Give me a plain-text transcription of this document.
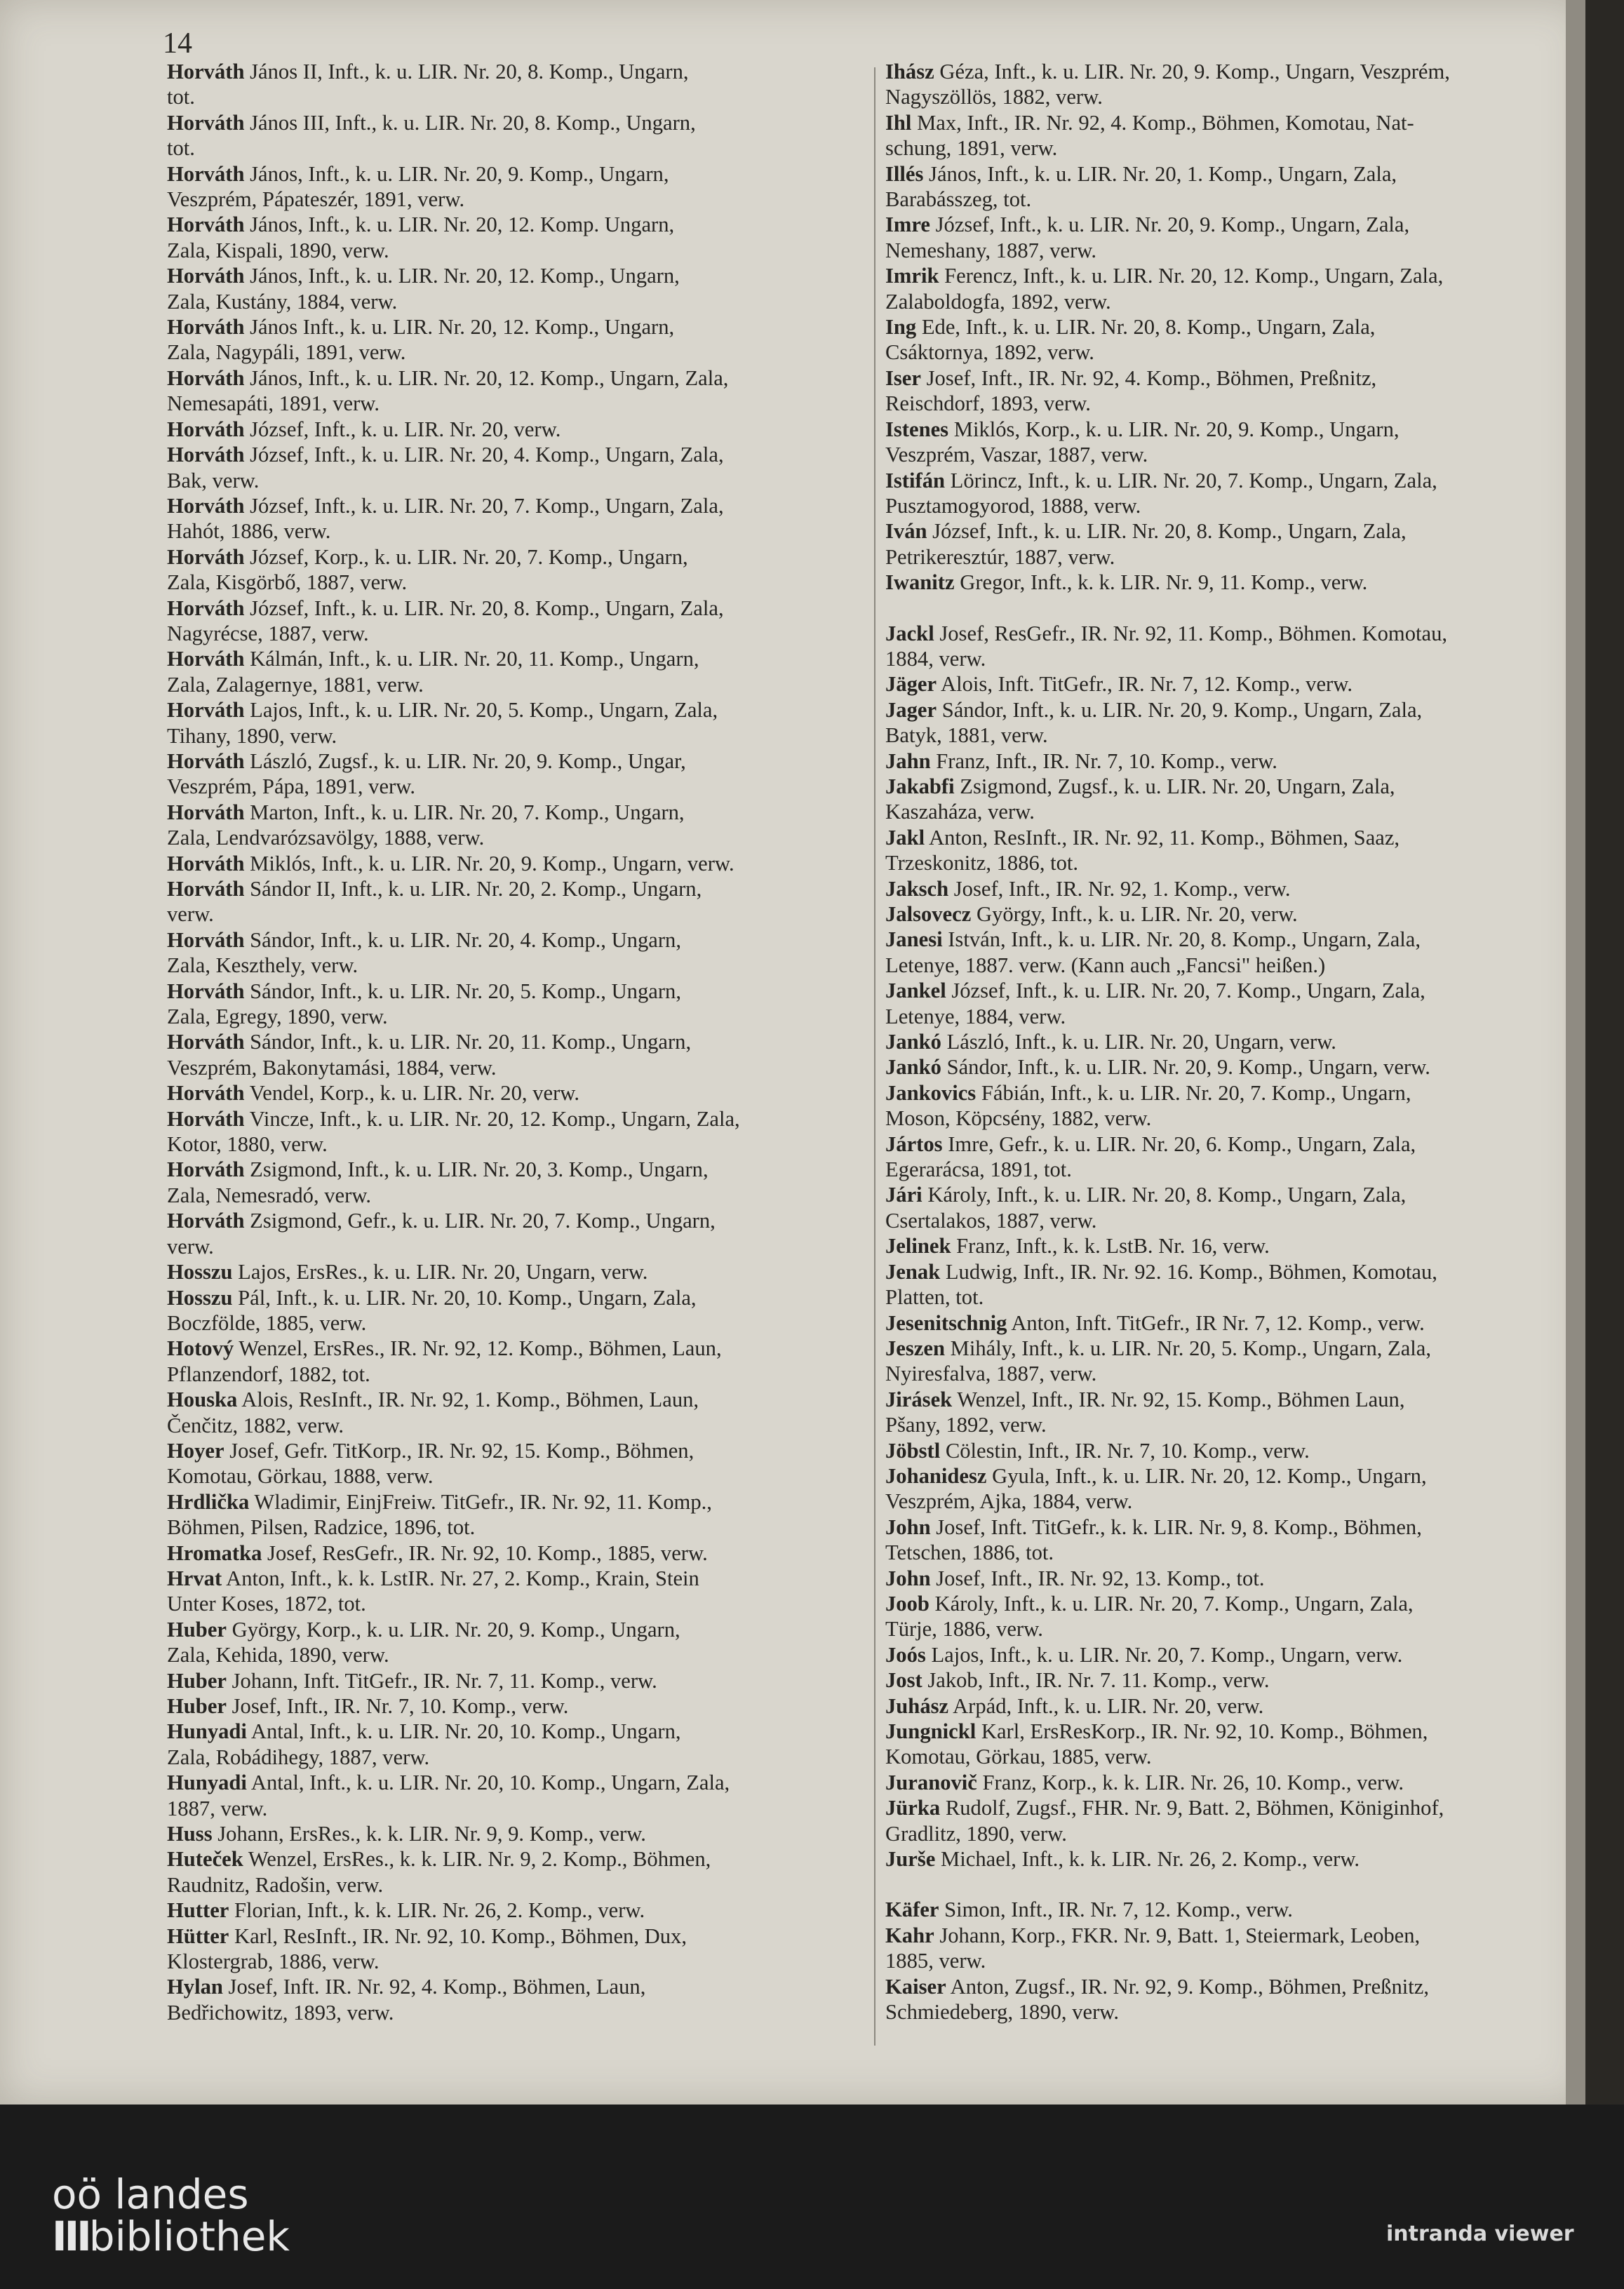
14
Horváth János II, Inft., k. u. LIR. Nr. 20, 8. Komp., Ungarn,
tot.
Horváth János III, Inft., k. u. LIR. Nr. 20, 8. Komp., Ungarn,
tot.
Horváth János, Inft., k. u. LIR. Nr. 20, 9. Komp., Ungarn,
Veszprém, Pápateszér, 1891, verw.
Horváth János, Inft., k. u. LIR. Nr. 20, 12. Komp. Ungarn,
Zala, Kispali, 1890, verw.
Horváth János, Inft., k. u. LIR. Nr. 20, 12. Komp., Ungarn,
Zala, Kustány, 1884, verw.
Horváth János Inft., k. u. LIR. Nr. 20, 12. Komp., Ungarn,
Zala, Nagypáli, 1891, verw.
Horváth János, Inft., k. u. LIR. Nr. 20, 12. Komp., Ungarn, Zala,
Nemesapáti, 1891, verw.
Horváth József, Inft., k. u. LIR. Nr. 20, verw.
Horváth József, Inft., k. u. LIR. Nr. 20, 4. Komp., Ungarn, Zala,
Bak, verw.
Horváth József, Inft., k. u. LIR. Nr. 20, 7. Komp., Ungarn, Zala,
Hahót, 1886, verw.
Horváth József, Korp., k. u. LIR. Nr. 20, 7. Komp., Ungarn,
Zala, Kisgörbő, 1887, verw.
Horváth József, Inft., k. u. LIR. Nr. 20, 8. Komp., Ungarn, Zala,
Nagyrécse, 1887, verw.
Horváth Kálmán, Inft., k. u. LIR. Nr. 20, 11. Komp., Ungarn,
Zala, Zalagernye, 1881, verw.
Horváth Lajos, Inft., k. u. LIR. Nr. 20, 5. Komp., Ungarn, Zala,
Tihany, 1890, verw.
Horváth László, Zugsf., k. u. LIR. Nr. 20, 9. Komp., Ungar,
Veszprém, Pápa, 1891, verw.
Horváth Marton, Inft., k. u. LIR. Nr. 20, 7. Komp., Ungarn,
Zala, Lendvarózsavölgy, 1888, verw.
Horváth Miklós, Inft., k. u. LIR. Nr. 20, 9. Komp., Ungarn, verw.
Horváth Sándor II, Inft., k. u. LIR. Nr. 20, 2. Komp., Ungarn,
verw.
Horváth Sándor, Inft., k. u. LIR. Nr. 20, 4. Komp., Ungarn,
Zala, Keszthely, verw.
Horváth Sándor, Inft., k. u. LIR. Nr. 20, 5. Komp., Ungarn,
Zala, Egregy, 1890, verw.
Horváth Sándor, Inft., k. u. LIR. Nr. 20, 11. Komp., Ungarn,
Veszprém, Bakonytamási, 1884, verw.
Horváth Vendel, Korp., k. u. LIR. Nr. 20, verw.
Horváth Vincze, Inft., k. u. LIR. Nr. 20, 12. Komp., Ungarn, Zala,
Kotor, 1880, verw.
Horváth Zsigmond, Inft., k. u. LIR. Nr. 20, 3. Komp., Ungarn,
Zala, Nemesradó, verw.
Horváth Zsigmond, Gefr., k. u. LIR. Nr. 20, 7. Komp., Ungarn,
verw.
Hosszu Lajos, ErsRes., k. u. LIR. Nr. 20, Ungarn, verw.
Hosszu Pál, Inft., k. u. LIR. Nr. 20, 10. Komp., Ungarn, Zala,
Boczfölde, 1885, verw.
Hotový Wenzel, ErsRes., IR. Nr. 92, 12. Komp., Böhmen, Laun,
Pflanzendorf, 1882, tot.
Houska Alois, ResInft., IR. Nr. 92, 1. Komp., Böhmen, Laun,
Čenčitz, 1882, verw.
Hoyer Josef, Gefr. TitKorp., IR. Nr. 92, 15. Komp., Böhmen,
Komotau, Görkau, 1888, verw.
Hrdlička Wladimir, EinjFreiw. TitGefr., IR. Nr. 92, 11. Komp.,
Böhmen, Pilsen, Radzice, 1896, tot.
Hromatka Josef, ResGefr., IR. Nr. 92, 10. Komp., 1885, verw.
Hrvat Anton, Inft., k. k. LstIR. Nr. 27, 2. Komp., Krain, Stein
Unter Koses, 1872, tot.
Huber György, Korp., k. u. LIR. Nr. 20, 9. Komp., Ungarn,
Zala, Kehida, 1890, verw.
Huber Johann, Inft. TitGefr., IR. Nr. 7, 11. Komp., verw.
Huber Josef, Inft., IR. Nr. 7, 10. Komp., verw.
Hunyadi Antal, Inft., k. u. LIR. Nr. 20, 10. Komp., Ungarn,
Zala, Robádihegy, 1887, verw.
Hunyadi Antal, Inft., k. u. LIR. Nr. 20, 10. Komp., Ungarn, Zala,
1887, verw.
Huss Johann, ErsRes., k. k. LIR. Nr. 9, 9. Komp., verw.
Huteček Wenzel, ErsRes., k. k. LIR. Nr. 9, 2. Komp., Böhmen,
Raudnitz, Radošin, verw.
Hutter Florian, Inft., k. k. LIR. Nr. 26, 2. Komp., verw.
Hütter Karl, ResInft., IR. Nr. 92, 10. Komp., Böhmen, Dux,
Klostergrab, 1886, verw.
Hylan Josef, Inft. IR. Nr. 92, 4. Komp., Böhmen, Laun,
Bedřichowitz, 1893, verw.
Ihász Géza, Inft., k. u. LIR. Nr. 20, 9. Komp., Ungarn, Veszprém,
Nagyszöllös, 1882, verw.
Ihl Max, Inft., IR. Nr. 92, 4. Komp., Böhmen, Komotau, Nat-
schung, 1891, verw.
Illés János, Inft., k. u. LIR. Nr. 20, 1. Komp., Ungarn, Zala,
Barabásszeg, tot.
Imre József, Inft., k. u. LIR. Nr. 20, 9. Komp., Ungarn, Zala,
Nemeshany, 1887, verw.
Imrik Ferencz, Inft., k. u. LIR. Nr. 20, 12. Komp., Ungarn, Zala,
Zalaboldogfa, 1892, verw.
Ing Ede, Inft., k. u. LIR. Nr. 20, 8. Komp., Ungarn, Zala,
Csáktornya, 1892, verw.
Iser Josef, Inft., IR. Nr. 92, 4. Komp., Böhmen, Preßnitz,
Reischdorf, 1893, verw.
Istenes Miklós, Korp., k. u. LIR. Nr. 20, 9. Komp., Ungarn,
Veszprém, Vaszar, 1887, verw.
Istifán Lörincz, Inft., k. u. LIR. Nr. 20, 7. Komp., Ungarn, Zala,
Pusztamogyorod, 1888, verw.
Iván József, Inft., k. u. LIR. Nr. 20, 8. Komp., Ungarn, Zala,
Petrikeresztúr, 1887, verw.
Iwanitz Gregor, Inft., k. k. LIR. Nr. 9, 11. Komp., verw.
Jackl Josef, ResGefr., IR. Nr. 92, 11. Komp., Böhmen. Komotau,
1884, verw.
Jäger Alois, Inft. TitGefr., IR. Nr. 7, 12. Komp., verw.
Jager Sándor, Inft., k. u. LIR. Nr. 20, 9. Komp., Ungarn, Zala,
Batyk, 1881, verw.
Jahn Franz, Inft., IR. Nr. 7, 10. Komp., verw.
Jakabfi Zsigmond, Zugsf., k. u. LIR. Nr. 20, Ungarn, Zala,
Kaszaháza, verw.
Jakl Anton, ResInft., IR. Nr. 92, 11. Komp., Böhmen, Saaz,
Trzeskonitz, 1886, tot.
Jaksch Josef, Inft., IR. Nr. 92, 1. Komp., verw.
Jalsovecz György, Inft., k. u. LIR. Nr. 20, verw.
Janesi István, Inft., k. u. LIR. Nr. 20, 8. Komp., Ungarn, Zala,
Letenye, 1887. verw. (Kann auch „Fancsi" heißen.)
Jankel József, Inft., k. u. LIR. Nr. 20, 7. Komp., Ungarn, Zala,
Letenye, 1884, verw.
Jankó László, Inft., k. u. LIR. Nr. 20, Ungarn, verw.
Jankó Sándor, Inft., k. u. LIR. Nr. 20, 9. Komp., Ungarn, verw.
Jankovics Fábián, Inft., k. u. LIR. Nr. 20, 7. Komp., Ungarn,
Moson, Köpcsény, 1882, verw.
Jártos Imre, Gefr., k. u. LIR. Nr. 20, 6. Komp., Ungarn, Zala,
Egerarácsa, 1891, tot.
Jári Károly, Inft., k. u. LIR. Nr. 20, 8. Komp., Ungarn, Zala,
Csertalakos, 1887, verw.
Jelinek Franz, Inft., k. k. LstB. Nr. 16, verw.
Jenak Ludwig, Inft., IR. Nr. 92. 16. Komp., Böhmen, Komotau,
Platten, tot.
Jesenitschnig Anton, Inft. TitGefr., IR Nr. 7, 12. Komp., verw.
Jeszen Mihály, Inft., k. u. LIR. Nr. 20, 5. Komp., Ungarn, Zala,
Nyiresfalva, 1887, verw.
Jirásek Wenzel, Inft., IR. Nr. 92, 15. Komp., Böhmen Laun,
Pšany, 1892, verw.
Jöbstl Cölestin, Inft., IR. Nr. 7, 10. Komp., verw.
Johanidesz Gyula, Inft., k. u. LIR. Nr. 20, 12. Komp., Ungarn,
Veszprém, Ajka, 1884, verw.
John Josef, Inft. TitGefr., k. k. LIR. Nr. 9, 8. Komp., Böhmen,
Tetschen, 1886, tot.
John Josef, Inft., IR. Nr. 92, 13. Komp., tot.
Joob Károly, Inft., k. u. LIR. Nr. 20, 7. Komp., Ungarn, Zala,
Türje, 1886, verw.
Joós Lajos, Inft., k. u. LIR. Nr. 20, 7. Komp., Ungarn, verw.
Jost Jakob, Inft., IR. Nr. 7. 11. Komp., verw.
Juhász Arpád, Inft., k. u. LIR. Nr. 20, verw.
Jungnickl Karl, ErsResKorp., IR. Nr. 92, 10. Komp., Böhmen,
Komotau, Görkau, 1885, verw.
Juranovič Franz, Korp., k. k. LIR. Nr. 26, 10. Komp., verw.
Jürka Rudolf, Zugsf., FHR. Nr. 9, Batt. 2, Böhmen, Königinhof,
Gradlitz, 1890, verw.
Jurše Michael, Inft., k. k. LIR. Nr. 26, 2. Komp., verw.
Käfer Simon, Inft., IR. Nr. 7, 12. Komp., verw.
Kahr Johann, Korp., FKR. Nr. 9, Batt. 1, Steiermark, Leoben,
1885, verw.
Kaiser Anton, Zugsf., IR. Nr. 92, 9. Komp., Böhmen, Preßnitz,
Schmiedeberg, 1890, verw.
oö landes
IIIbibliothek	intranda viewer
